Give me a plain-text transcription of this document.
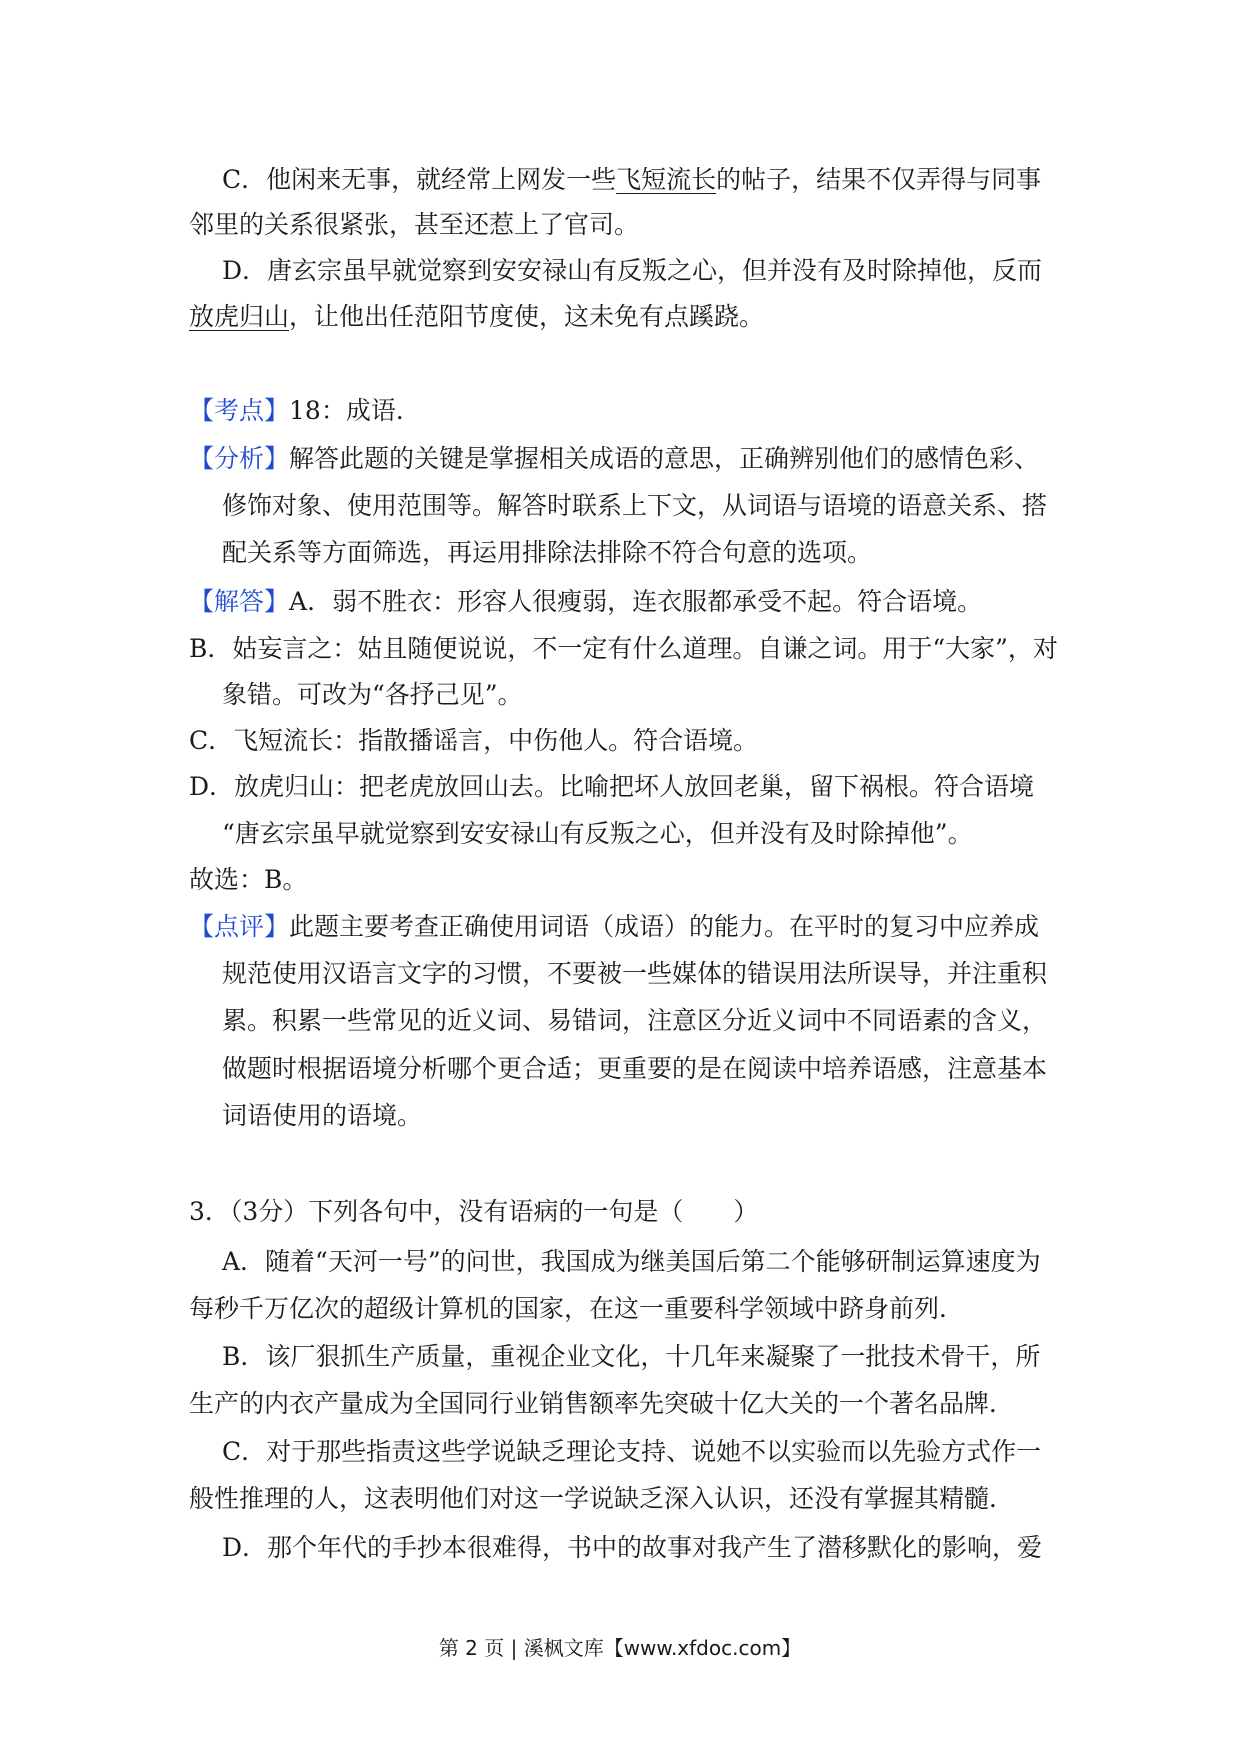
C．他闲来无事，就经常上网发一些飞短流长的帖子，结果不仅弄得与同事
邻里的关系很紧张，甚至还惹上了官司。
D．唐玄宗虽早就觉察到安安禄山有反叛之心，但并没有及时除掉他，反而
放虎归山，让他出任范阳节度使，这未免有点蹊跷。
【考点】18：成语．
【分析】解答此题的关键是掌握相关成语的意思，正确辨别他们的感情色彩、
修饰对象、使用范围等。解答时联系上下文，从词语与语境的语意关系、搭
配关系等方面筛选，再运用排除法排除不符合句意的选项。
【解答】A．弱不胜衣：形容人很瘦弱，连衣服都承受不起。符合语境。
B．姑妄言之：姑且随便说说，不一定有什么道理。自谦之词。用于“大家”，对
象错。可改为“各抒己见”。
C．飞短流长：指散播谣言，中伤他人。符合语境。
D．放虎归山：把老虎放回山去。比喻把坏人放回老巢，留下祸根。符合语境
“唐玄宗虽早就觉察到安安禄山有反叛之心，但并没有及时除掉他”。
故选：B。
【点评】此题主要考查正确使用词语（成语）的能力。在平时的复习中应养成
规范使用汉语言文字的习惯，不要被一些媒体的错误用法所误导，并注重积
累。积累一些常见的近义词、易错词，注意区分近义词中不同语素的含义，
做题时根据语境分析哪个更合适；更重要的是在阅读中培养语感，注意基本
词语使用的语境。
3．（3分）下列各句中，没有语病的一句是（　　）
A．随着“天河一号”的问世，我国成为继美国后第二个能够研制运算速度为
每秒千万亿次的超级计算机的国家，在这一重要科学领域中跻身前列．
B．该厂狠抓生产质量，重视企业文化，十几年来凝聚了一批技术骨干，所
生产的内衣产量成为全国同行业销售额率先突破十亿大关的一个著名品牌．
C．对于那些指责这些学说缺乏理论支持、说她不以实验而以先验方式作一
般性推理的人，这表明他们对这一学说缺乏深入认识，还没有掌握其精髓．
D．那个年代的手抄本很难得，书中的故事对我产生了潜移默化的影响，爱
第 2 页 | 溪枫文库【www.xfdoc.com】
